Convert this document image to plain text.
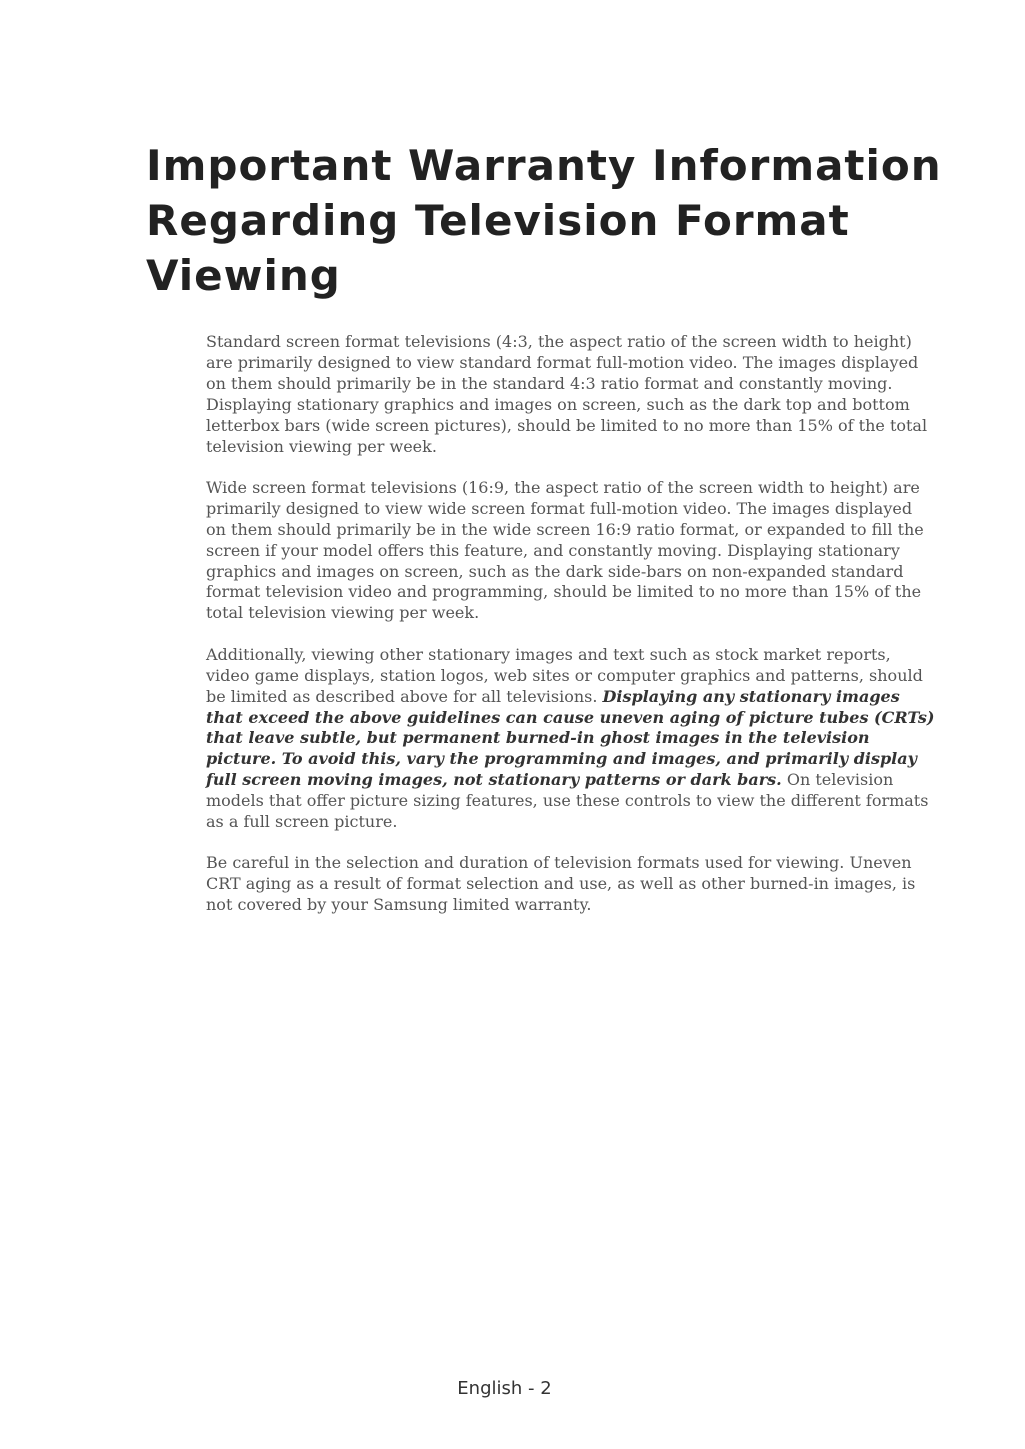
Important Warranty Information
Regarding Television Format
Viewing

Standard screen format televisions (4:3, the aspect ratio of the screen width to height) are primarily designed to view standard format full-motion video. The images displayed on them should primarily be in the standard 4:3 ratio format and constantly moving. Displaying stationary graphics and images on screen, such as the dark top and bottom letterbox bars (wide screen pictures), should be limited to no more than 15% of the total television viewing per week.

Wide screen format televisions (16:9, the aspect ratio of the screen width to height) are primarily designed to view wide screen format full-motion video. The images displayed on them should primarily be in the wide screen 16:9 ratio format, or expanded to fill the screen if your model offers this feature, and constantly moving. Displaying stationary graphics and images on screen, such as the dark side-bars on non-expanded standard format television video and programming, should be limited to no more than 15% of the total television viewing per week.

Additionally, viewing other stationary images and text such as stock market reports, video game displays, station logos, web sites or computer graphics and patterns, should be limited as described above for all televisions. Displaying any stationary images that exceed the above guidelines can cause uneven aging of picture tubes (CRTs) that leave subtle, but permanent burned-in ghost images in the television picture. To avoid this, vary the programming and images, and primarily display full screen moving images, not stationary patterns or dark bars. On television models that offer picture sizing features, use these controls to view the different formats as a full screen picture.

Be careful in the selection and duration of television formats used for viewing. Uneven CRT aging as a result of format selection and use, as well as other burned-in images, is not covered by your Samsung limited warranty.

English - 2
